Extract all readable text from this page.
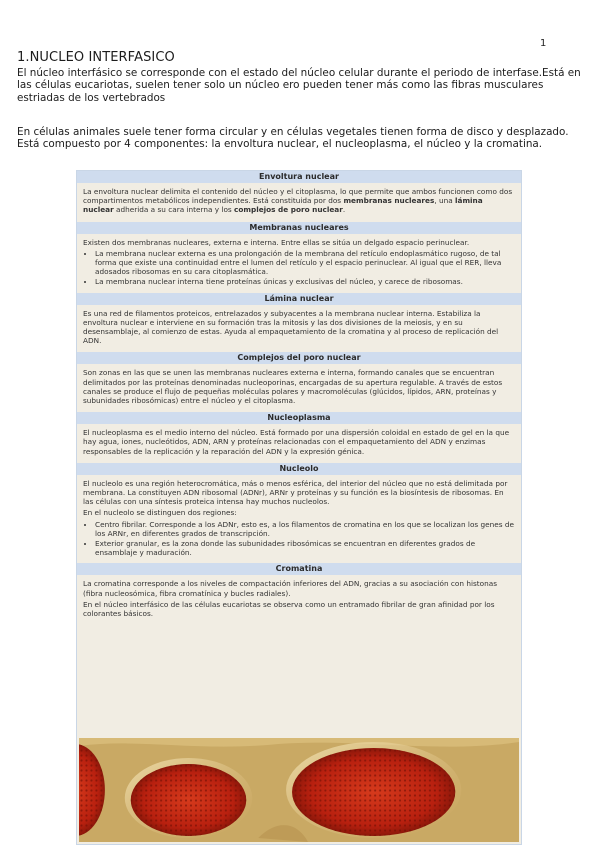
1
1.NUCLEO INTERFASICO

El núcleo interfásico se corresponde con el estado del núcleo celular durante el periodo de interfase.Está en las células eucariotas, suelen tener solo un núcleo ero pueden tener más como las fibras musculares estriadas de los vertebrados

En células animales suele tener forma circular y en células vegetales tienen forma de disco y desplazado.
Está compuesto por 4 componentes: la envoltura nuclear, el nucleoplasma, el núcleo y la cromatina.

Envoltura nuclear

La envoltura nuclear delimita el contenido del núcleo y el citoplasma, lo que permite que ambos funcionen como dos compartimentos metabólicos independientes. Está constituida por dos membranas nucleares, una lámina nuclear adherida a su cara interna y los complejos de poro nuclear.

Membranas nucleares

Existen dos membranas nucleares, externa e interna. Entre ellas se sitúa un delgado espacio perinuclear.

• La membrana nuclear externa es una prolongación de la membrana del retículo endoplasmático rugoso, de tal forma que existe una continuidad entre el lumen del retículo y el espacio perinuclear. Al igual que el RER, lleva adosados ribosomas en su cara citoplasmática.
• La membrana nuclear interna tiene proteínas únicas y exclusivas del núcleo, y carece de ribosomas.
Lámina nuclear

Es una red de filamentos proteicos, entrelazados y subyacentes a la membrana nuclear interna. Estabiliza la envoltura nuclear e interviene en su formación tras la mitosis y las dos divisiones de la meiosis, y en su desensamblaje, al comienzo de estas. Ayuda al empaquetamiento de la cromatina y al proceso de replicación del ADN.

Complejos del poro nuclear

Son zonas en las que se unen las membranas nucleares externa e interna, formando canales que se encuentran delimitados por las proteínas denominadas nucleoporinas, encargadas de su apertura regulable. A través de estos canales se produce el flujo de pequeñas moléculas polares y macromoléculas (glúcidos, lípidos, ARN, proteínas y subunidades ribosómicas) entre el núcleo y el citoplasma.

Nucleoplasma

El nucleoplasma es el medio interno del núcleo. Está formado por una dispersión coloidal en estado de gel en la que hay agua, iones, nucleótidos, ADN, ARN y proteínas relacionadas con el empaquetamiento del ADN y enzimas responsables de la replicación y la reparación del ADN y la expresión génica.

Nucleolo

El nucleolo es una región heterocromática, más o menos esférica, del interior del núcleo que no está delimitada por membrana. La constituyen ADN ribosomal (ADNr), ARNr y proteínas y su función es la biosíntesis de ribosomas. En las células con una síntesis proteica intensa hay muchos nucleolos.

En el nucleolo se distinguen dos regiones:

• Centro fibrilar. Corresponde a los ADNr, esto es, a los filamentos de cromatina en los que se localizan los genes de los ARNr, en diferentes grados de transcripción.
• Exterior granular, es la zona donde las subunidades ribosómicas se encuentran en diferentes grados de ensamblaje y maduración.
Cromatina

La cromatina corresponde a los niveles de compactación inferiores del ADN, gracias a su asociación con histonas (fibra nucleosómica, fibra cromatínica y bucles radiales).

En el núcleo interfásico de las células eucariotas se observa como un entramado fibrilar de gran afinidad por los colorantes básicos.
